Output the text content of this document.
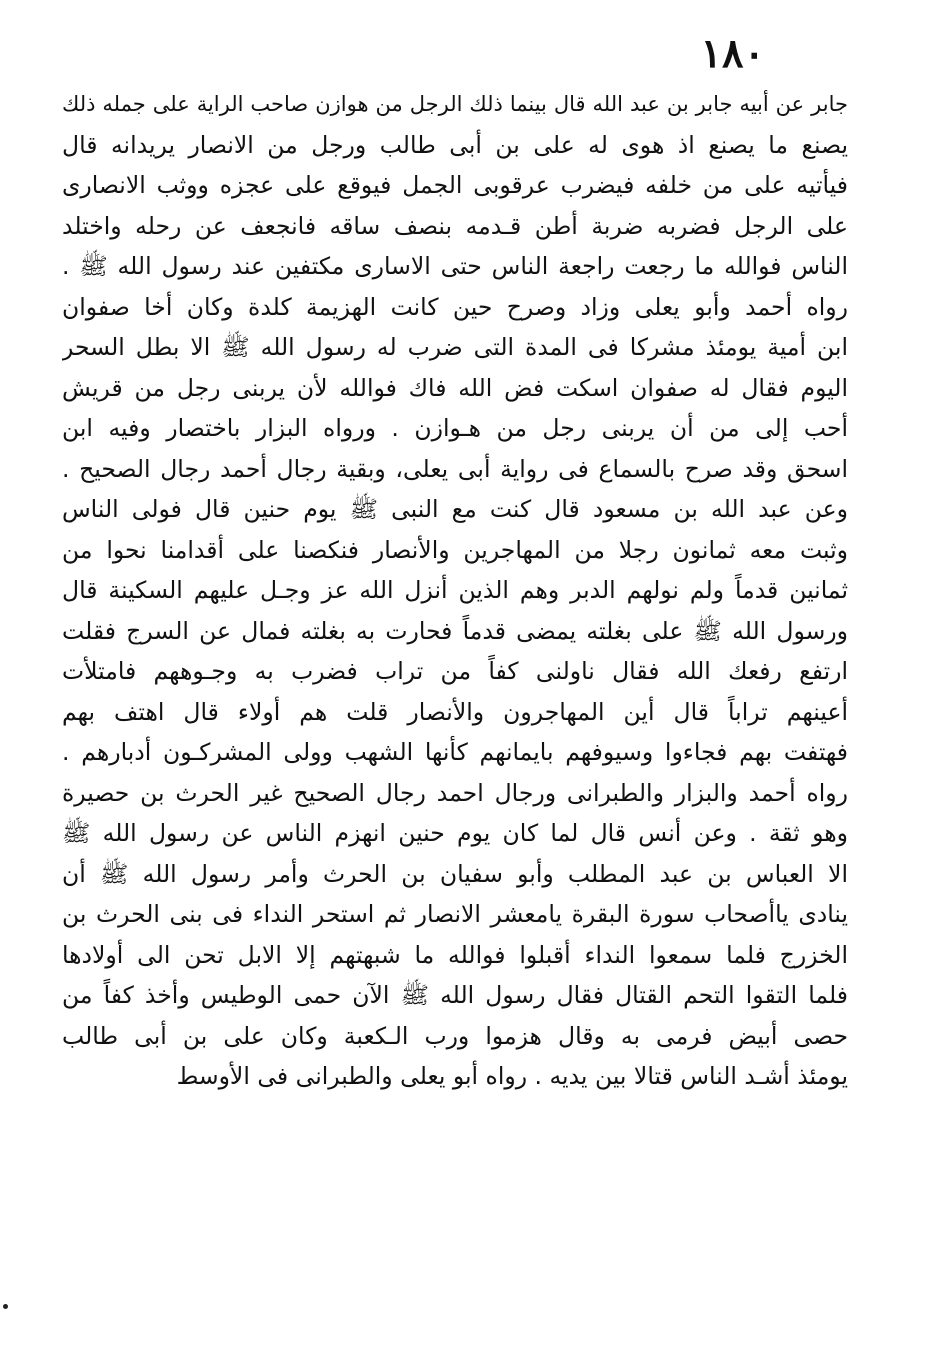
١٨٠
جابر عن أبيه جابر بن عبد الله قال بينما ذلك الرجل من هوازن صاحب الراية على جمله ذلك
يصنع ما يصنع اذ هوى له على بن أبى طالب ورجل من الانصار يريدانه قال
فيأتيه على من خلفه فيضرب عرقوبى الجمل فيوقع على عجزه ووثب الانصارى
على الرجل فضربه ضربة أطن قـدمه بنصف ساقه فانجعف عن رحله واختلد
الناس فوالله ما رجعت راجعة الناس حتى الاسارى مكتفين عند رسول الله ﷺ .
رواه أحمد وأبو يعلى وزاد وصرح حين كانت الهزيمة كلدة وكان أخا صفوان
ابن أمية يومئذ مشركا فى المدة التى ضرب له رسول الله ﷺ الا بطل السحر
اليوم فقال له صفوان اسكت فض الله فاك فوالله لأن يربنى رجل من قريش
أحب إلى من أن يربنى رجل من هـوازن . ورواه البزار باختصار وفيه ابن
اسحق وقد صرح بالسماع فى رواية أبى يعلى، وبقية رجال أحمد رجال الصحيح .
وعن عبد الله بن مسعود قال كنت مع النبى ﷺ يوم حنين قال فولى الناس
وثبت معه ثمانون رجلا من المهاجرين والأنصار فنكصنا على أقدامنا نحوا من
ثمانين قدماً ولم نولهم الدبر وهم الذين أنزل الله عز وجـل عليهم السكينة قال
ورسول الله ﷺ على بغلته يمضى قدماً فحارت به بغلته فمال عن السرج فقلت
ارتفع رفعك الله فقال ناولنى كفاً من تراب فضرب به وجـوههم فامتلأت
أعينهم تراباً قال أين المهاجرون والأنصار قلت هم أولاء قال اهتف بهم
فهتفت بهم فجاءوا وسيوفهم بايمانهم كأنها الشهب وولى المشركـون أدبارهم .
رواه أحمد والبزار والطبرانى ورجال احمد رجال الصحيح غير الحرث بن حصيرة
وهو ثقة . وعن أنس قال لما كان يوم حنين انهزم الناس عن رسول الله ﷺ
الا العباس بن عبد المطلب وأبو سفيان بن الحرث وأمر رسول الله ﷺ أن
ينادى ياأصحاب سورة البقرة يامعشر الانصار ثم استحر النداء فى بنى الحرث بن
الخزرج فلما سمعوا النداء أقبلوا فوالله ما شبهتهم إلا الابل تحن الى أولادها
فلما التقوا التحم القتال فقال رسول الله ﷺ الآن حمى الوطيس وأخذ كفاً من
حصى أبيض فرمى به وقال هزموا ورب الـكعبة وكان على بن أبى طالب
يومئذ أشـد الناس قتالا بين يديه . رواه أبو يعلى والطبرانى فى الأوسط
